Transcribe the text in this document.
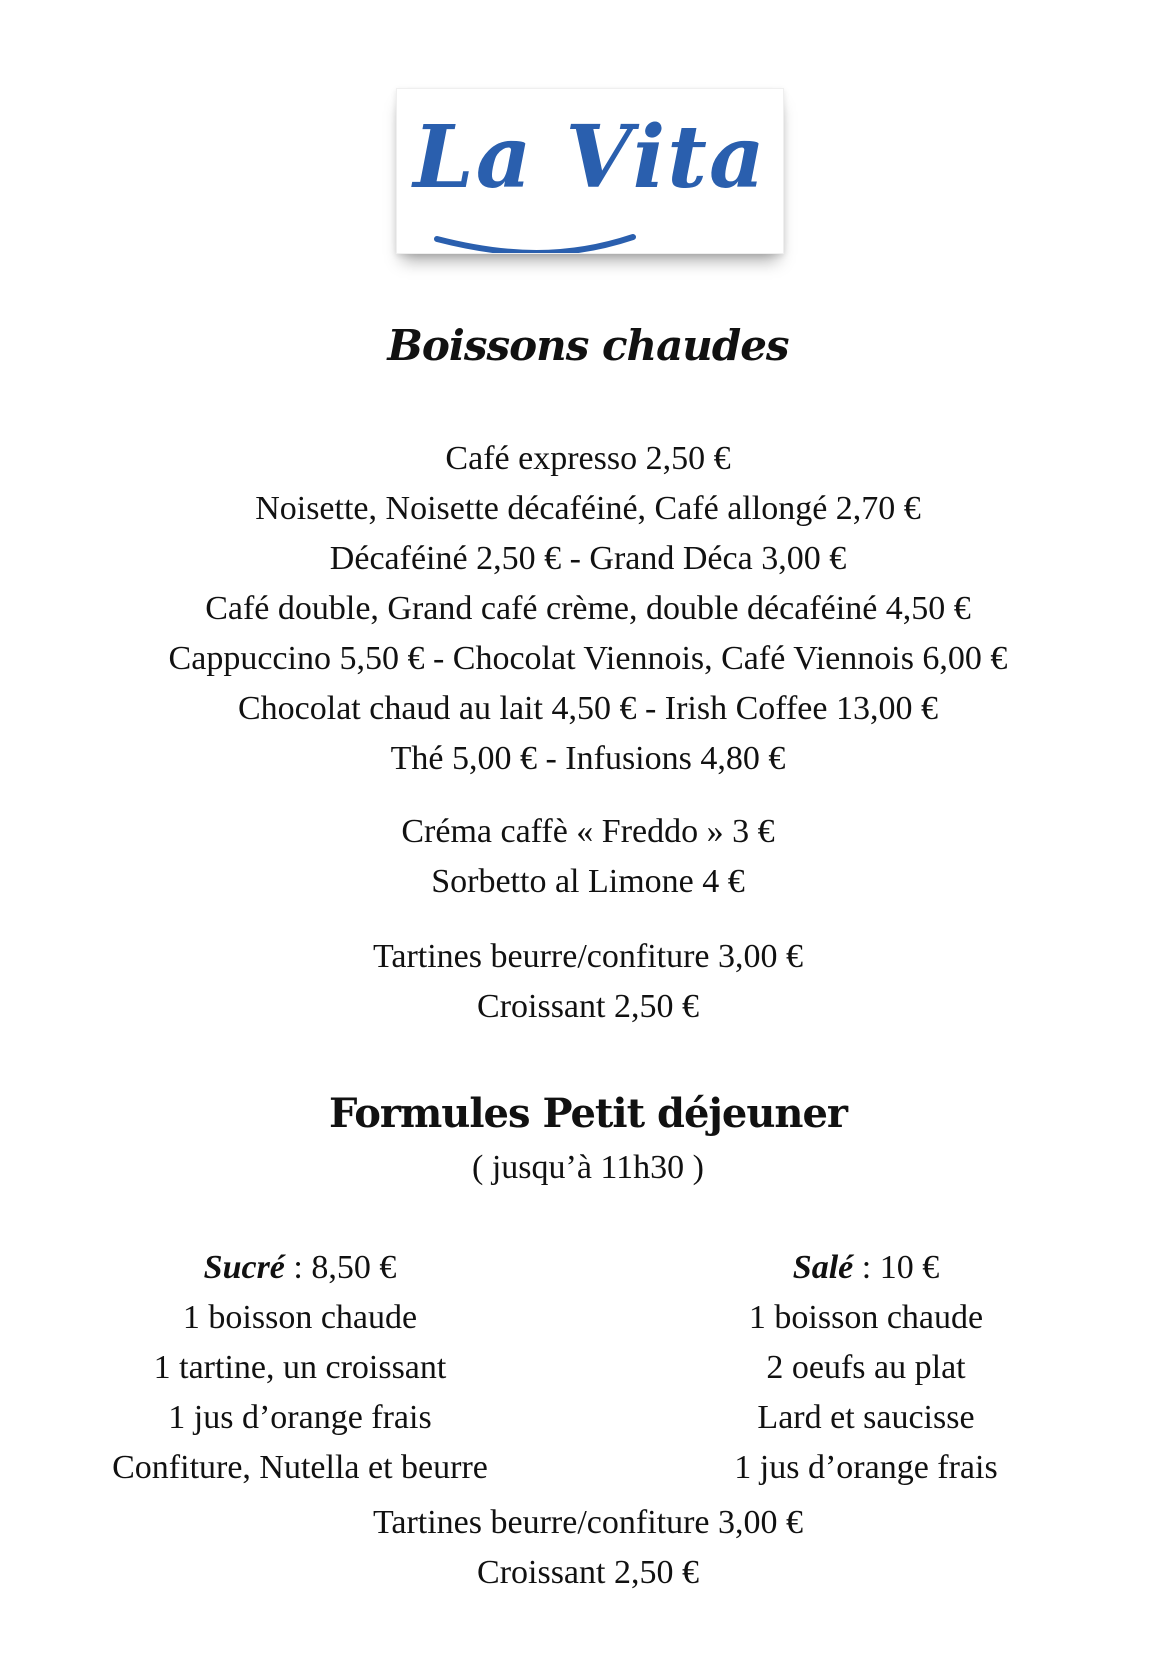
La Vita
Boissons chaudes
Café expresso 2,50 €
Noisette, Noisette décaféiné, Café allongé 2,70 €
Décaféiné 2,50 € - Grand Déca 3,00 €
Café double, Grand café crème, double décaféiné 4,50 €
Cappuccino 5,50 € - Chocolat Viennois, Café Viennois 6,00 €
Chocolat chaud au lait 4,50 € - Irish Coffee 13,00 €
Thé 5,00 € - Infusions 4,80 €
Créma caffè « Freddo » 3 €
Sorbetto al Limone 4 €
Tartines beurre/confiture 3,00 €
Croissant 2,50 €
Formules Petit déjeuner
( jusqu’à 11h30 )
Sucré : 8,50 €
1 boisson chaude
1 tartine, un croissant
1 jus d’orange frais
Confiture, Nutella et beurre
Salé : 10 €
1 boisson chaude
2 oeufs au plat
Lard et saucisse
1 jus d’orange frais
Tartines beurre/confiture 3,00 €
Croissant 2,50 €
